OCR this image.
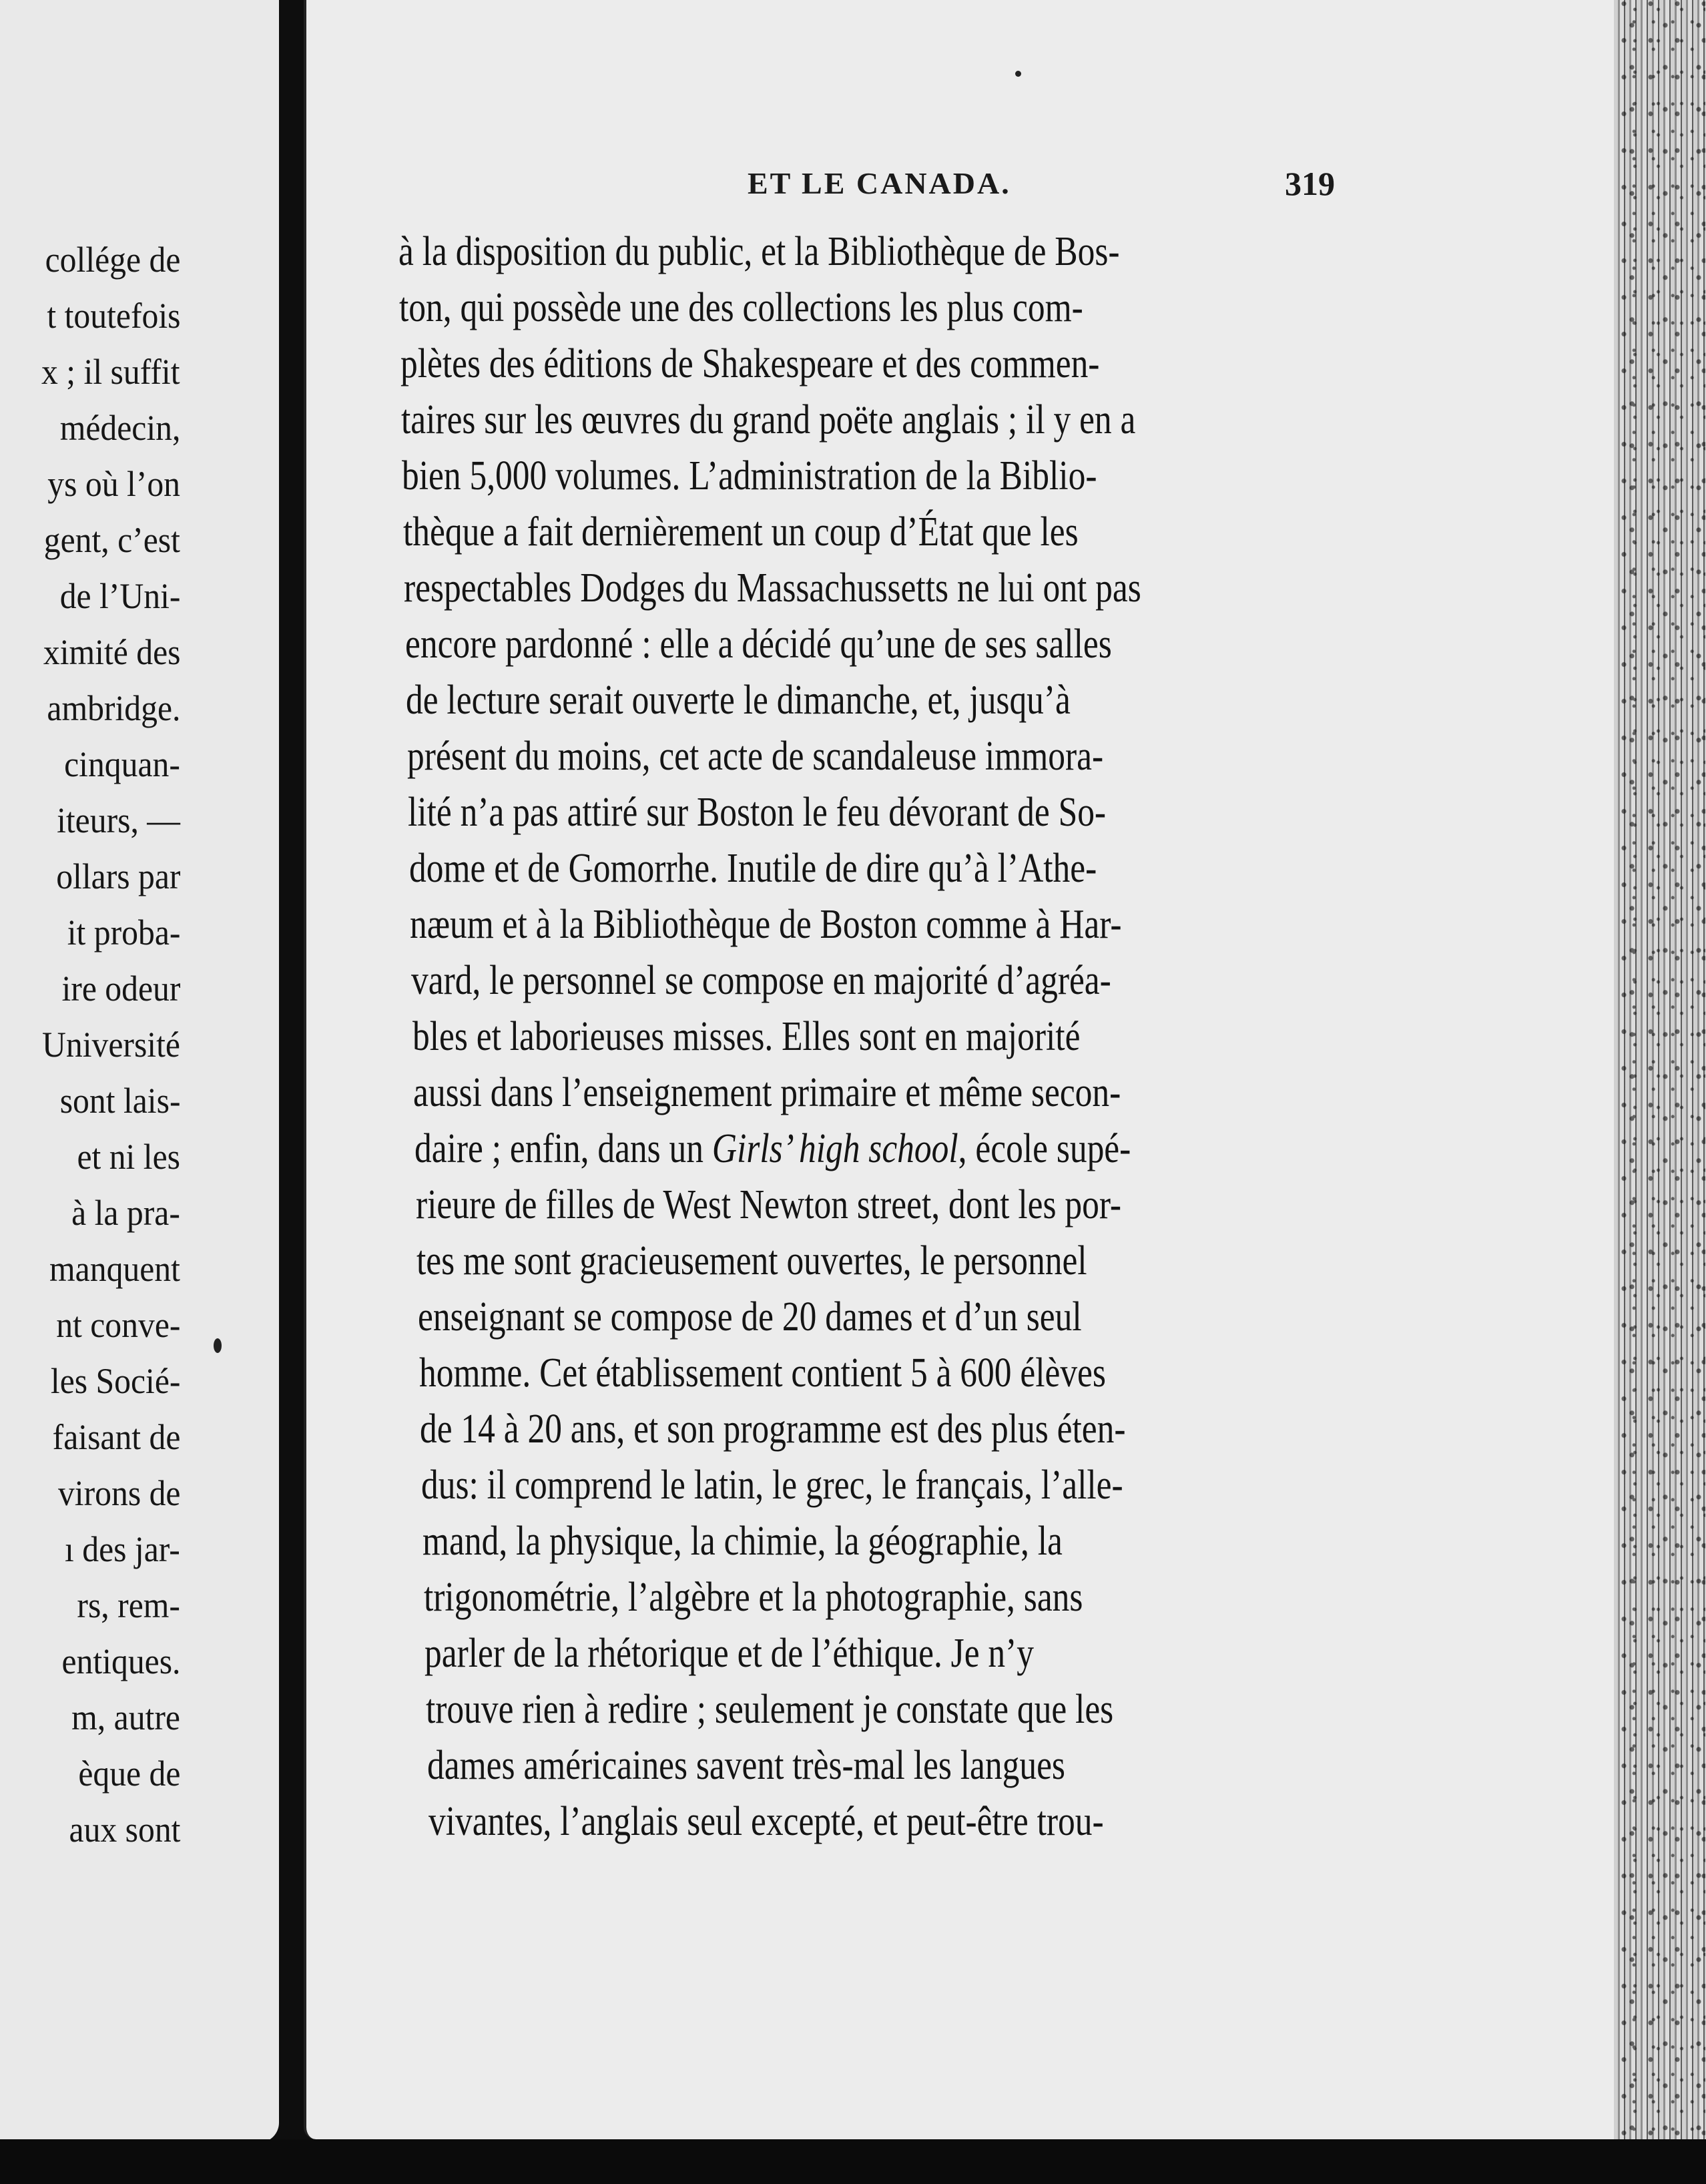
collége de
t toutefois
x ; il suffit
médecin,
ys où l’on
gent, c’est
de l’Uni-
ximité des
ambridge.
cinquan-
iteurs, —
ollars par
it proba-
ire odeur
Université
sont lais-
et ni les
à la pra-
manquent
nt conve-
les Socié-
faisant de
virons de
ı des jar-
rs, rem-
entiques.
m, autre
èque de
aux sont
ET LE CANADA.	319
à la disposition du public, et la Bibliothèque de Bos-
ton, qui possède une des collections les plus com-
plètes des éditions de Shakespeare et des commen-
taires sur les œuvres du grand poëte anglais ; il y en a
bien 5,000 volumes. L’administration de la Biblio-
thèque a fait dernièrement un coup d’État que les
respectables Dodges du Massachussetts ne lui ont pas
encore pardonné : elle a décidé qu’une de ses salles
de lecture serait ouverte le dimanche, et, jusqu’à
présent du moins, cet acte de scandaleuse immora-
lité n’a pas attiré sur Boston le feu dévorant de So-
dome et de Gomorrhe. Inutile de dire qu’à l’Athe-
næum et à la Bibliothèque de Boston comme à Har-
vard, le personnel se compose en majorité d’agréa-
bles et laborieuses misses. Elles sont en majorité
aussi dans l’enseignement primaire et même secon-
daire ; enfin, dans un Girls’ high school, école supé-
rieure de filles de West Newton street, dont les por-
tes me sont gracieusement ouvertes, le personnel
enseignant se compose de 20 dames et d’un seul
homme. Cet établissement contient 5 à 600 élèves
de 14 à 20 ans, et son programme est des plus éten-
dus: il comprend le latin, le grec, le français, l’alle-
mand, la physique, la chimie, la géographie, la
trigonométrie, l’algèbre et la photographie, sans
parler de la rhétorique et de l’éthique. Je n’y
trouve rien à redire ; seulement je constate que les
dames américaines savent très-mal les langues
vivantes, l’anglais seul excepté, et peut-être trou-
